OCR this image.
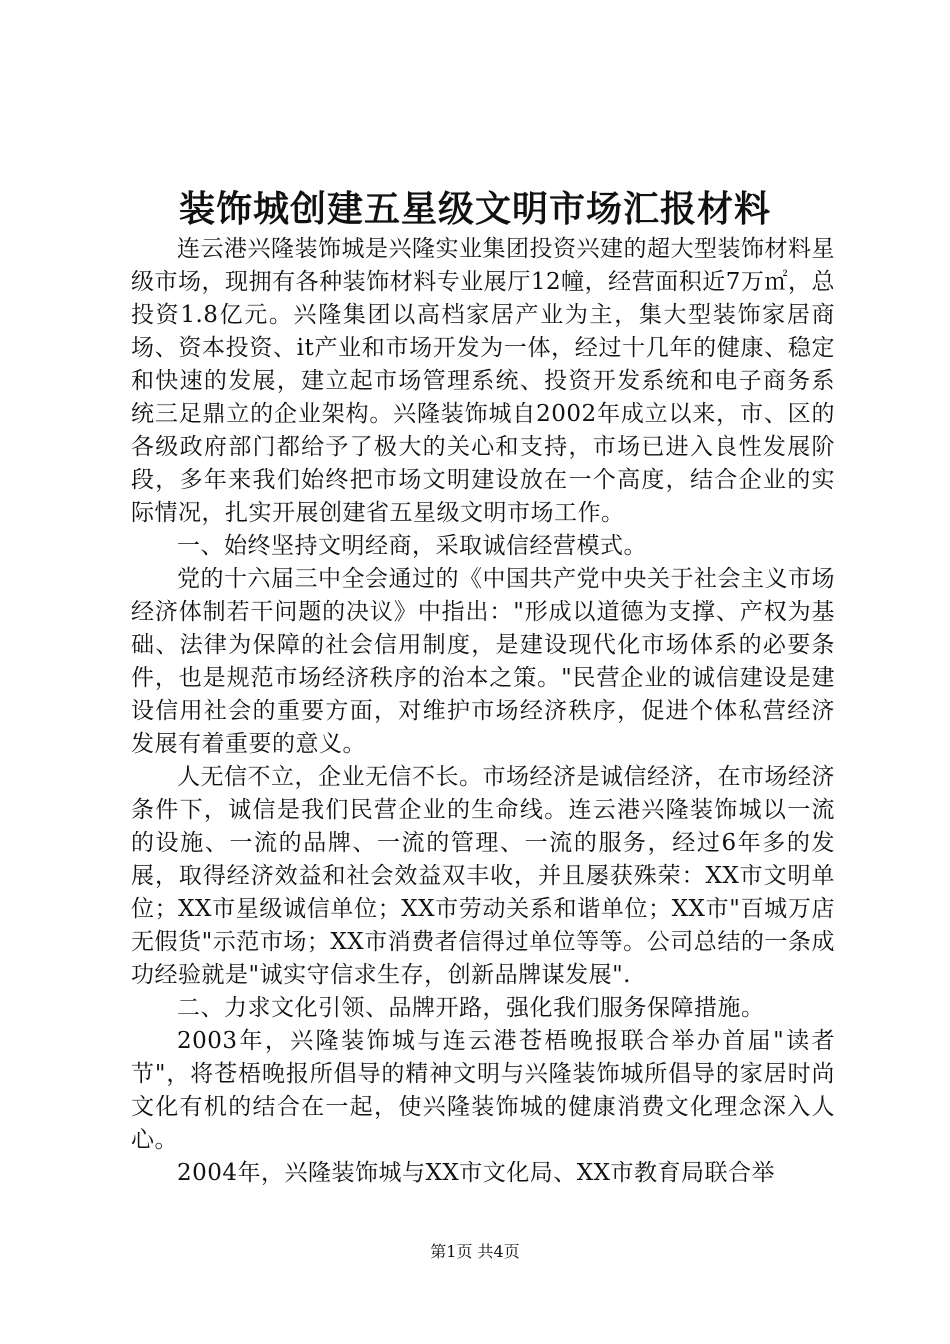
装饰城创建五星级文明市场汇报材料

连云港兴隆装饰城是兴隆实业集团投资兴建的超大型装饰材料星级市场，现拥有各种装饰材料专业展厅12幢，经营面积近7万㎡，总投资1.8亿元。兴隆集团以高档家居产业为主，集大型装饰家居商场、资本投资、it产业和市场开发为一体，经过十几年的健康、稳定和快速的发展，建立起市场管理系统、投资开发系统和电子商务系统三足鼎立的企业架构。兴隆装饰城自2002年成立以来，市、区的各级政府部门都给予了极大的关心和支持，市场已进入良性发展阶段，多年来我们始终把市场文明建设放在一个高度，结合企业的实际情况，扎实开展创建省五星级文明市场工作。

一、始终坚持文明经商，采取诚信经营模式。

党的十六届三中全会通过的《中国共产党中央关于社会主义市场经济体制若干问题的决议》中指出："形成以道德为支撑、产权为基础、法律为保障的社会信用制度，是建设现代化市场体系的必要条件，也是规范市场经济秩序的治本之策。"民营企业的诚信建设是建设信用社会的重要方面，对维护市场经济秩序，促进个体私营经济发展有着重要的意义。

人无信不立，企业无信不长。市场经济是诚信经济，在市场经济条件下，诚信是我们民营企业的生命线。连云港兴隆装饰城以一流的设施、一流的品牌、一流的管理、一流的服务，经过6年多的发展，取得经济效益和社会效益双丰收，并且屡获殊荣：XX市文明单位；XX市星级诚信单位；XX市劳动关系和谐单位；XX市"百城万店无假货"示范市场；XX市消费者信得过单位等等。公司总结的一条成功经验就是"诚实守信求生存，创新品牌谋发展".

二、力求文化引领、品牌开路，强化我们服务保障措施。

2003年，兴隆装饰城与连云港苍梧晚报联合举办首届"读者节"，将苍梧晚报所倡导的精神文明与兴隆装饰城所倡导的家居时尚文化有机的结合在一起，使兴隆装饰城的健康消费文化理念深入人心。

2004年，兴隆装饰城与XX市文化局、XX市教育局联合举

第1页 共4页
